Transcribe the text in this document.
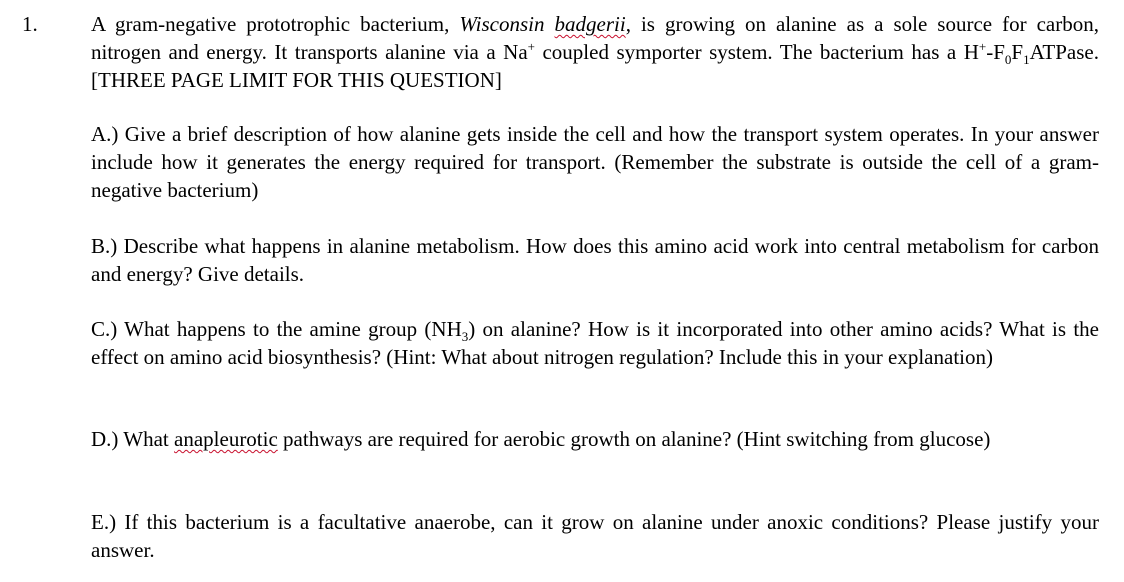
1.	A gram-negative prototrophic bacterium, Wisconsin badgerii, is growing on alanine as a sole source for carbon, nitrogen and energy. It transports alanine via a Na+ coupled symporter system. The bacterium has a $H^+-F_0F_1ATPase$. [THREE PAGE LIMIT FOR THIS QUESTION]
A.) Give a brief description of how alanine gets inside the cell and how the transport system operates. In your answer include how it generates the energy required for transport. (Remember the substrate is outside the cell of a gram-negative bacterium)
B.) Describe what happens in alanine metabolism. How does this amino acid work into central metabolism for carbon and energy? Give details.
C.) What happens to the amine group $(NH_3)$ on alanine? How is it incorporated into other amino acids? What is the effect on amino acid biosynthesis? (Hint: What about nitrogen regulation? Include this in your explanation)
D.) What anapleurotic pathways are required for aerobic growth on alanine? (Hint switching from glucose)
E.) If this bacterium is a facultative anaerobe, can it grow on alanine under anoxic conditions? Please justify your answer.
